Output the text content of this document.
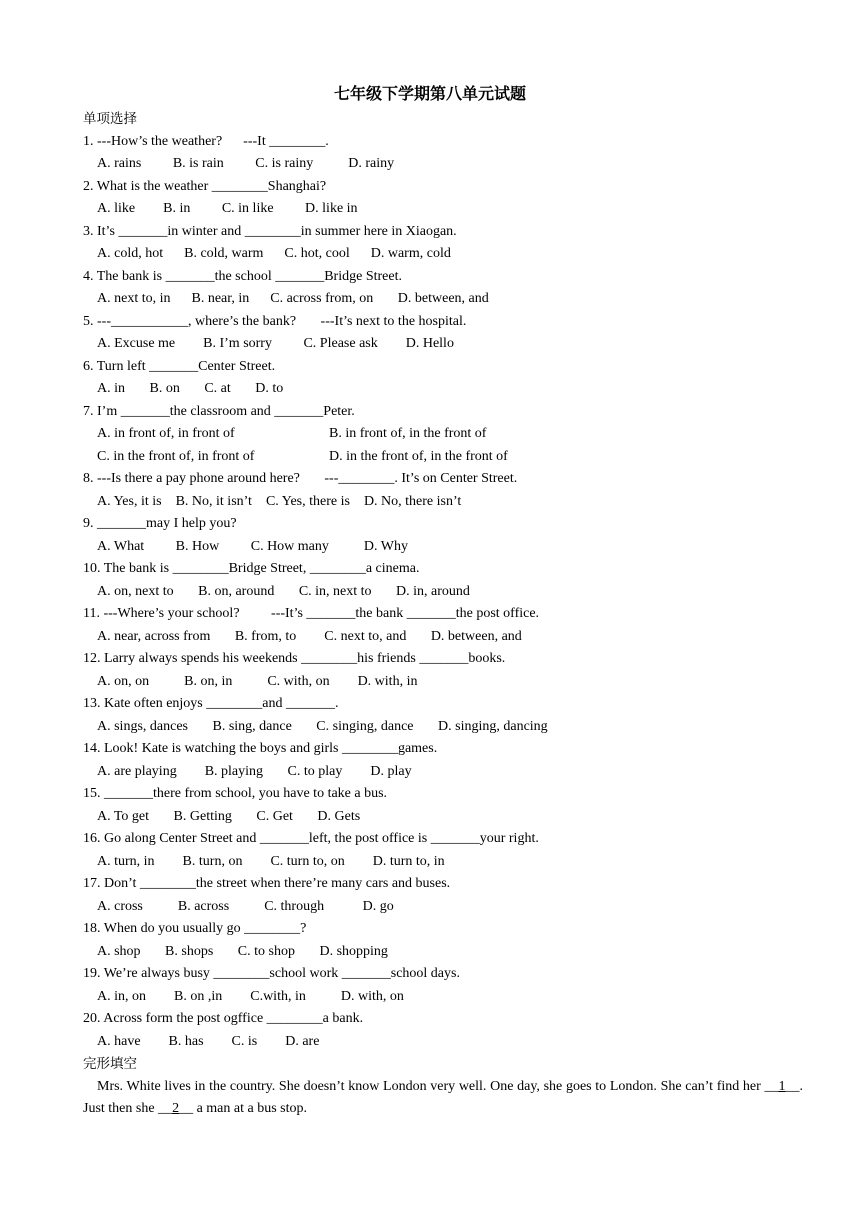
七年级下学期第八单元试题
单项选择
1. ---How’s the weather?      ---It ________.
A. rains         B. is rain         C. is rainy          D. rainy
2. What is the weather ________Shanghai?
A. like        B. in         C. in like         D. like in
3. It’s _______in winter and ________in summer here in Xiaogan.
A. cold, hot      B. cold, warm      C. hot, cool      D. warm, cold
4. The bank is _______the school _______Bridge Street.
A. next to, in      B. near, in      C. across from, on       D. between, and
5. ---___________, where’s the bank?       ---It’s next to the hospital.
A. Excuse me        B. I’m sorry         C. Please ask        D. Hello
6. Turn left _______Center Street.
A. in       B. on       C. at       D. to
7. I’m _______the classroom and _______Peter.
A. in front of, in front of	B. in front of, in the front of
C. in the front of, in front of	D. in the front of, in the front of
8. ---Is there a pay phone around here?       ---________. It’s on Center Street.
A. Yes, it is    B. No, it isn’t    C. Yes, there is    D. No, there isn’t
9. _______may I help you?
A. What         B. How         C. How many          D. Why
10. The bank is ________Bridge Street, ________a cinema.
A. on, next to       B. on, around       C. in, next to       D. in, around
11. ---Where’s your school?         ---It’s _______the bank _______the post office.
A. near, across from       B. from, to        C. next to, and       D. between, and
12. Larry always spends his weekends ________his friends _______books.
A. on, on          B. on, in          C. with, on        D. with, in
13. Kate often enjoys ________and _______.
A. sings, dances       B. sing, dance       C. singing, dance       D. singing, dancing
14. Look! Kate is watching the boys and girls ________games.
A. are playing        B. playing       C. to play        D. play
15. _______there from school, you have to take a bus.
A. To get       B. Getting       C. Get       D. Gets
16. Go along Center Street and _______left, the post office is _______your right.
A. turn, in        B. turn, on        C. turn to, on        D. turn to, in
17. Don’t ________the street when there’re many cars and buses.
A. cross          B. across          C. through           D. go
18. When do you usually go ________?
A. shop       B. shops       C. to shop       D. shopping
19. We’re always busy ________school work _______school days.
A. in, on        B. on ,in        C.with, in          D. with, on
20. Across form the post ogffice ________a bank.
A. have        B. has        C. is        D. are
完形填空

Mrs. White lives in the country. She doesn’t know London very well. One day, she goes to London. She can’t find her __1__. Just then she __2__ a man at a bus stop.
